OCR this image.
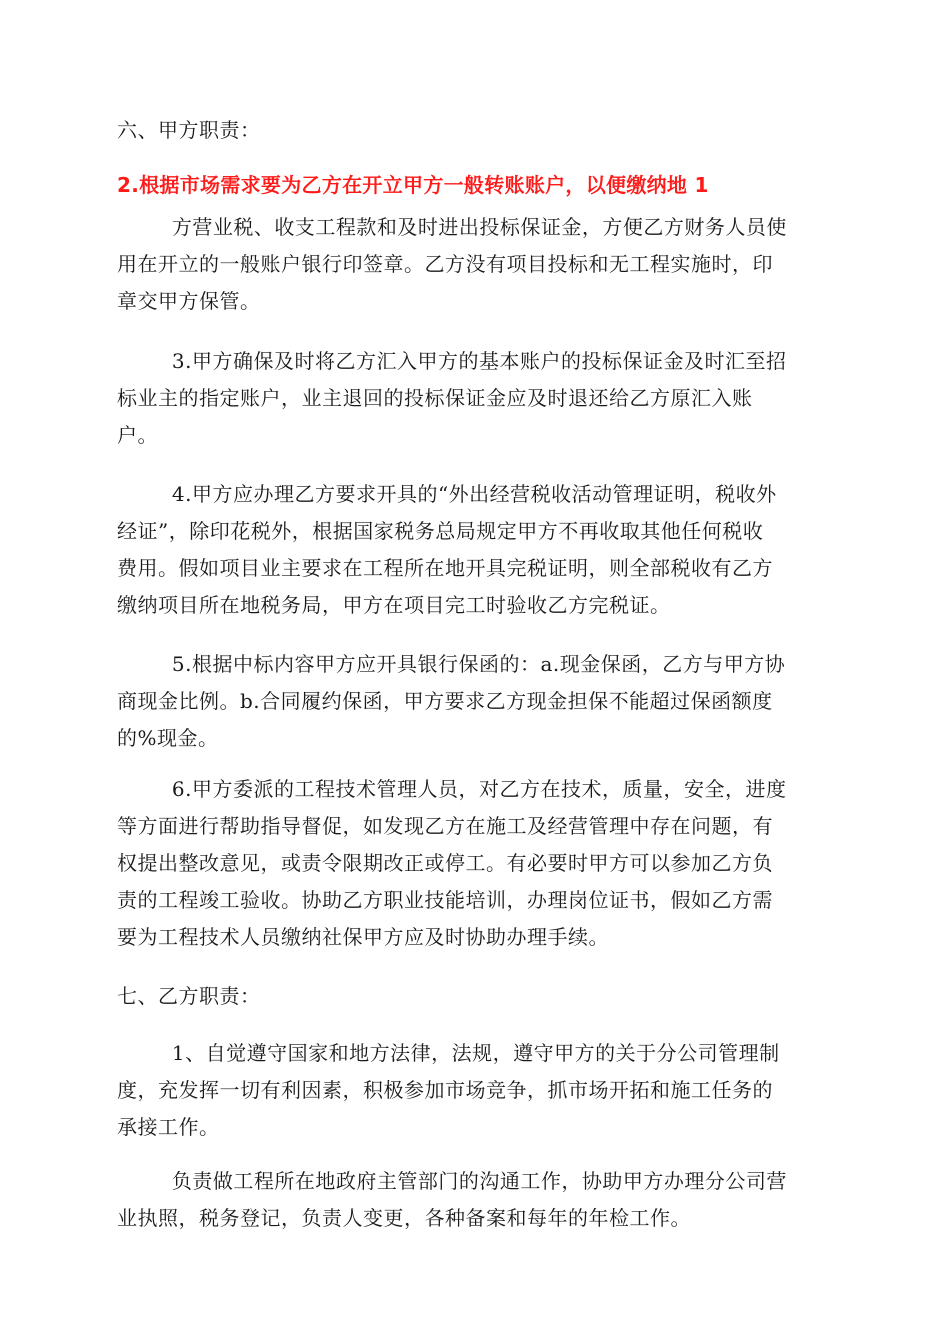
六、甲方职责：

2.根据市场需求要为乙方在开立甲方一般转账账户，以便缴纳地 1

方营业税、收支工程款和及时进出投标保证金，方便乙方财务人员使
用在开立的一般账户银行印签章。乙方没有项目投标和无工程实施时，印
章交甲方保管。

3.甲方确保及时将乙方汇入甲方的基本账户的投标保证金及时汇至招
标业主的指定账户，业主退回的投标保证金应及时退还给乙方原汇入账
户。

4.甲方应办理乙方要求开具的“外出经营税收活动管理证明，税收外
经证”，除印花税外，根据国家税务总局规定甲方不再收取其他任何税收
费用。假如项目业主要求在工程所在地开具完税证明，则全部税收有乙方
缴纳项目所在地税务局，甲方在项目完工时验收乙方完税证。

5.根据中标内容甲方应开具银行保函的：a.现金保函，乙方与甲方协
商现金比例。b.合同履约保函，甲方要求乙方现金担保不能超过保函额度
的%现金。

6.甲方委派的工程技术管理人员，对乙方在技术，质量，安全，进度
等方面进行帮助指导督促，如发现乙方在施工及经营管理中存在问题，有
权提出整改意见，或责令限期改正或停工。有必要时甲方可以参加乙方负
责的工程竣工验收。协助乙方职业技能培训，办理岗位证书，假如乙方需
要为工程技术人员缴纳社保甲方应及时协助办理手续。

七、乙方职责：

1、自觉遵守国家和地方法律，法规，遵守甲方的关于分公司管理制
度，充发挥一切有利因素，积极参加市场竞争，抓市场开拓和施工任务的
承接工作。

负责做工程所在地政府主管部门的沟通工作，协助甲方办理分公司营
业执照，税务登记，负责人变更，各种备案和每年的年检工作。
